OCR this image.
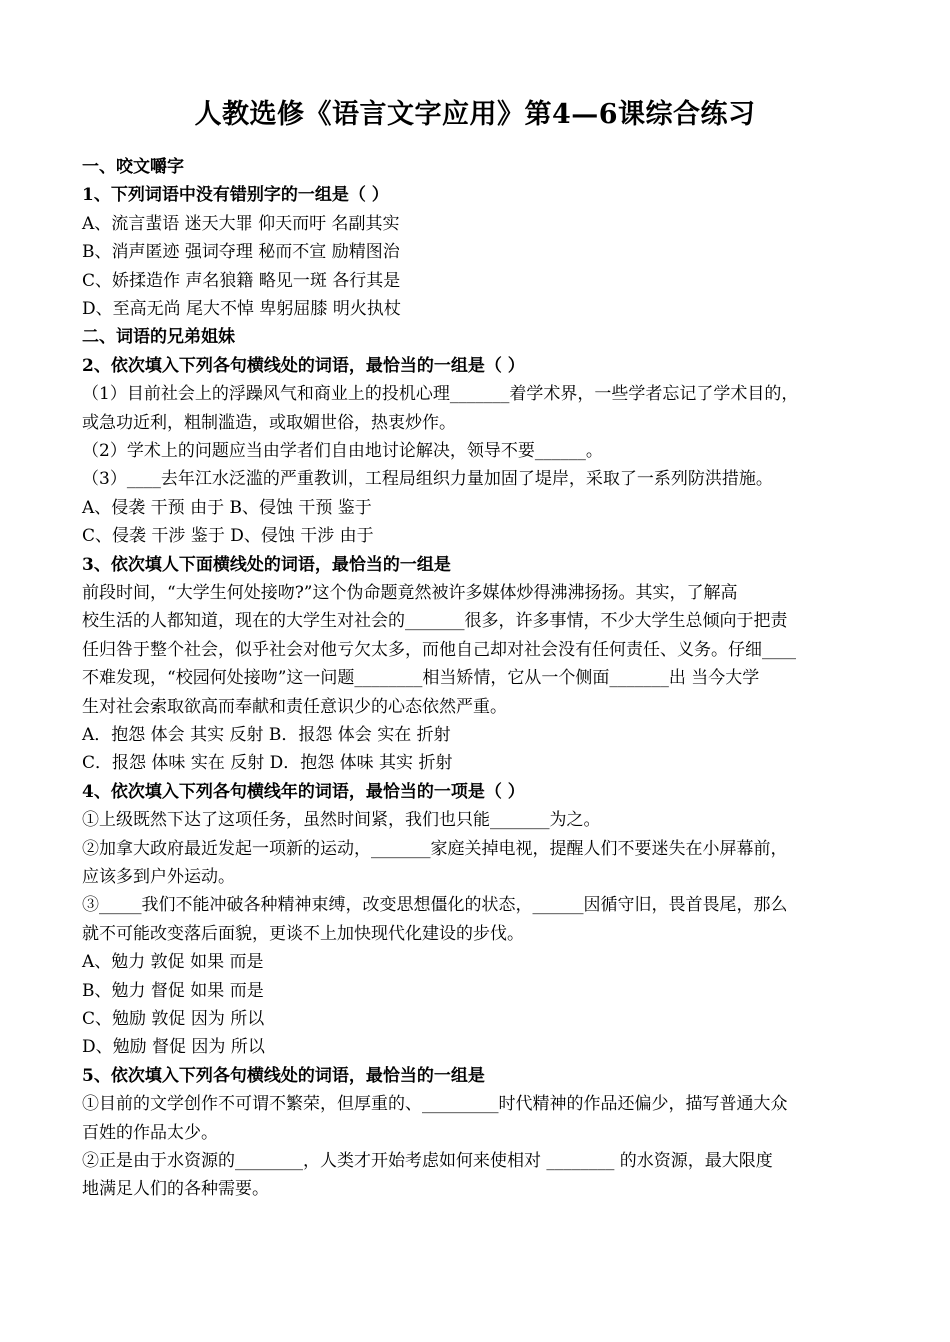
人教选修《语言文字应用》第4—6课综合练习
一、咬文嚼字
1、下列词语中没有错别字的一组是（ ）
A、流言蜚语 迷天大罪 仰天而吁 名副其实
B、消声匿迹 强词夺理 秘而不宣 励精图治
C、娇揉造作 声名狼籍 略见一斑 各行其是
D、至高无尚 尾大不悼 卑躬屈膝 明火执杖
二、词语的兄弟姐妹
2、依次填入下列各句横线处的词语，最恰当的一组是（ ）
（1）目前社会上的浮躁风气和商业上的投机心理_______着学术界，一些学者忘记了学术目的，
或急功近利，粗制滥造，或取媚世俗，热衷炒作。
（2）学术上的问题应当由学者们自由地讨论解决，领导不要______。
（3）____去年江水泛滥的严重教训，工程局组织力量加固了堤岸，采取了一系列防洪措施。
A、侵袭 干预 由于 B、侵蚀 干预 鉴于
C、侵袭 干涉 鉴于 D、侵蚀 干涉 由于
3、依次填人下面横线处的词语，最恰当的一组是
前段时间，“大学生何处接吻?”这个伪命题竟然被许多媒体炒得沸沸扬扬。其实，了解高
校生活的人都知道，现在的大学生对社会的_______很多，许多事情，不少大学生总倾向于把责
任归咎于整个社会，似乎社会对他亏欠太多，而他自己却对社会没有任何责任、义务。仔细____
不难发现，“校园何处接吻”这一问题________相当矫情，它从一个侧面_______出 当今大学
生对社会索取欲高而奉献和责任意识少的心态依然严重。
A．抱怨 体会 其实 反射 B．报怨 体会 实在 折射
C．报怨 体味 实在 反射 D．抱怨 体味 其实 折射
4、依次填入下列各句横线年的词语，最恰当的一项是（ ）
①上级既然下达了这项任务，虽然时间紧，我们也只能_______为之。
②加拿大政府最近发起一项新的运动，_______家庭关掉电视，提醒人们不要迷失在小屏幕前，
应该多到户外运动。
③_____我们不能冲破各种精神束缚，改变思想僵化的状态，______因循守旧，畏首畏尾，那么
就不可能改变落后面貌，更谈不上加快现代化建设的步伐。
A、勉力 敦促 如果 而是
B、勉力 督促 如果 而是
C、勉励 敦促 因为 所以
D、勉励 督促 因为 所以
5、依次填入下列各句横线处的词语，最恰当的一组是
①目前的文学创作不可谓不繁荣，但厚重的、_________时代精神的作品还偏少，描写普通大众
百姓的作品太少。
②正是由于水资源的________，人类才开始考虑如何来使相对 ________ 的水资源，最大限度
地满足人们的各种需要。
